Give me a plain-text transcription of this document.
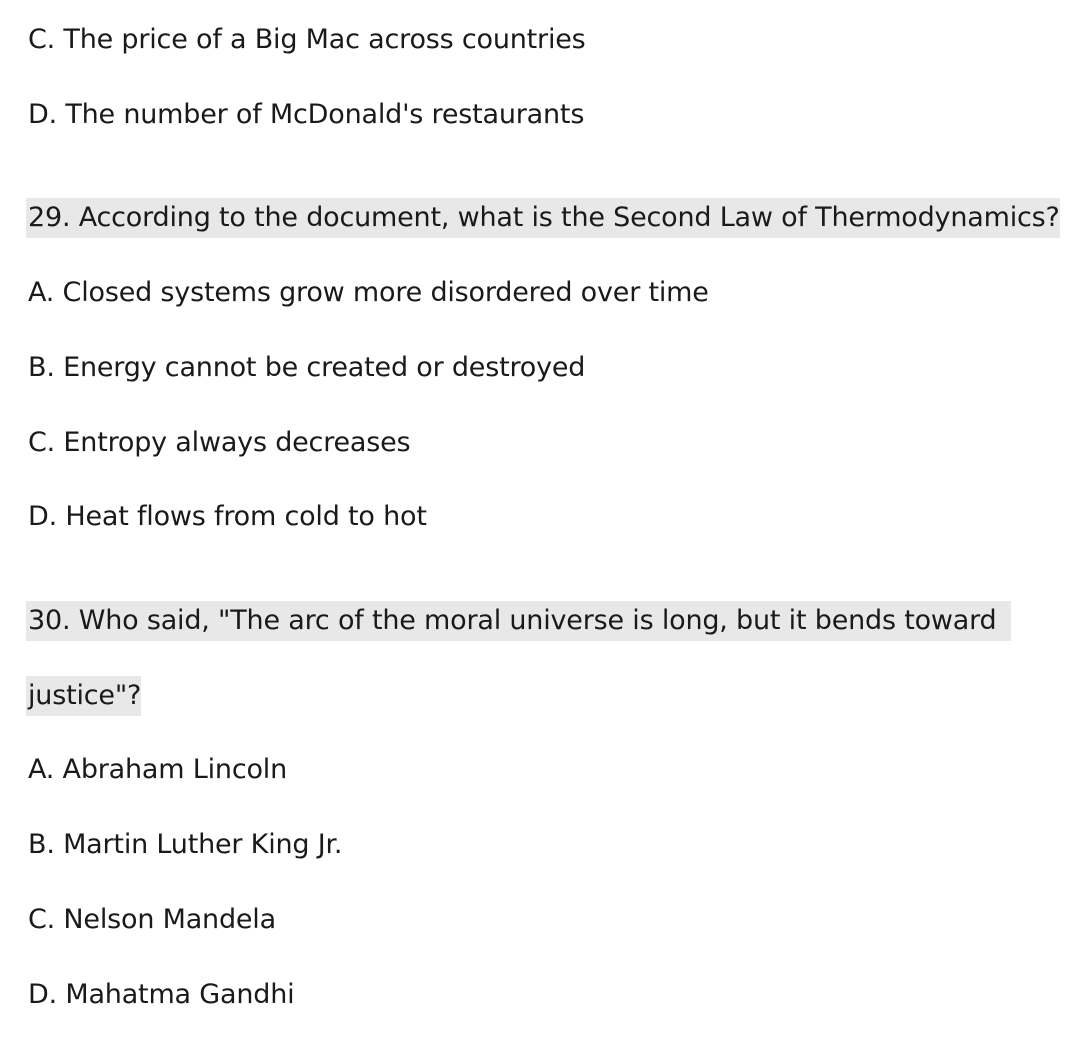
C. The price of a Big Mac across countries
D. The number of McDonald's restaurants
29. According to the document, what is the Second Law of Thermodynamics?
A. Closed systems grow more disordered over time
B. Energy cannot be created or destroyed
C. Entropy always decreases
D. Heat flows from cold to hot
30. Who said, "The arc of the moral universe is long, but it bends toward
justice"?
A. Abraham Lincoln
B. Martin Luther King Jr.
C. Nelson Mandela
D. Mahatma Gandhi
